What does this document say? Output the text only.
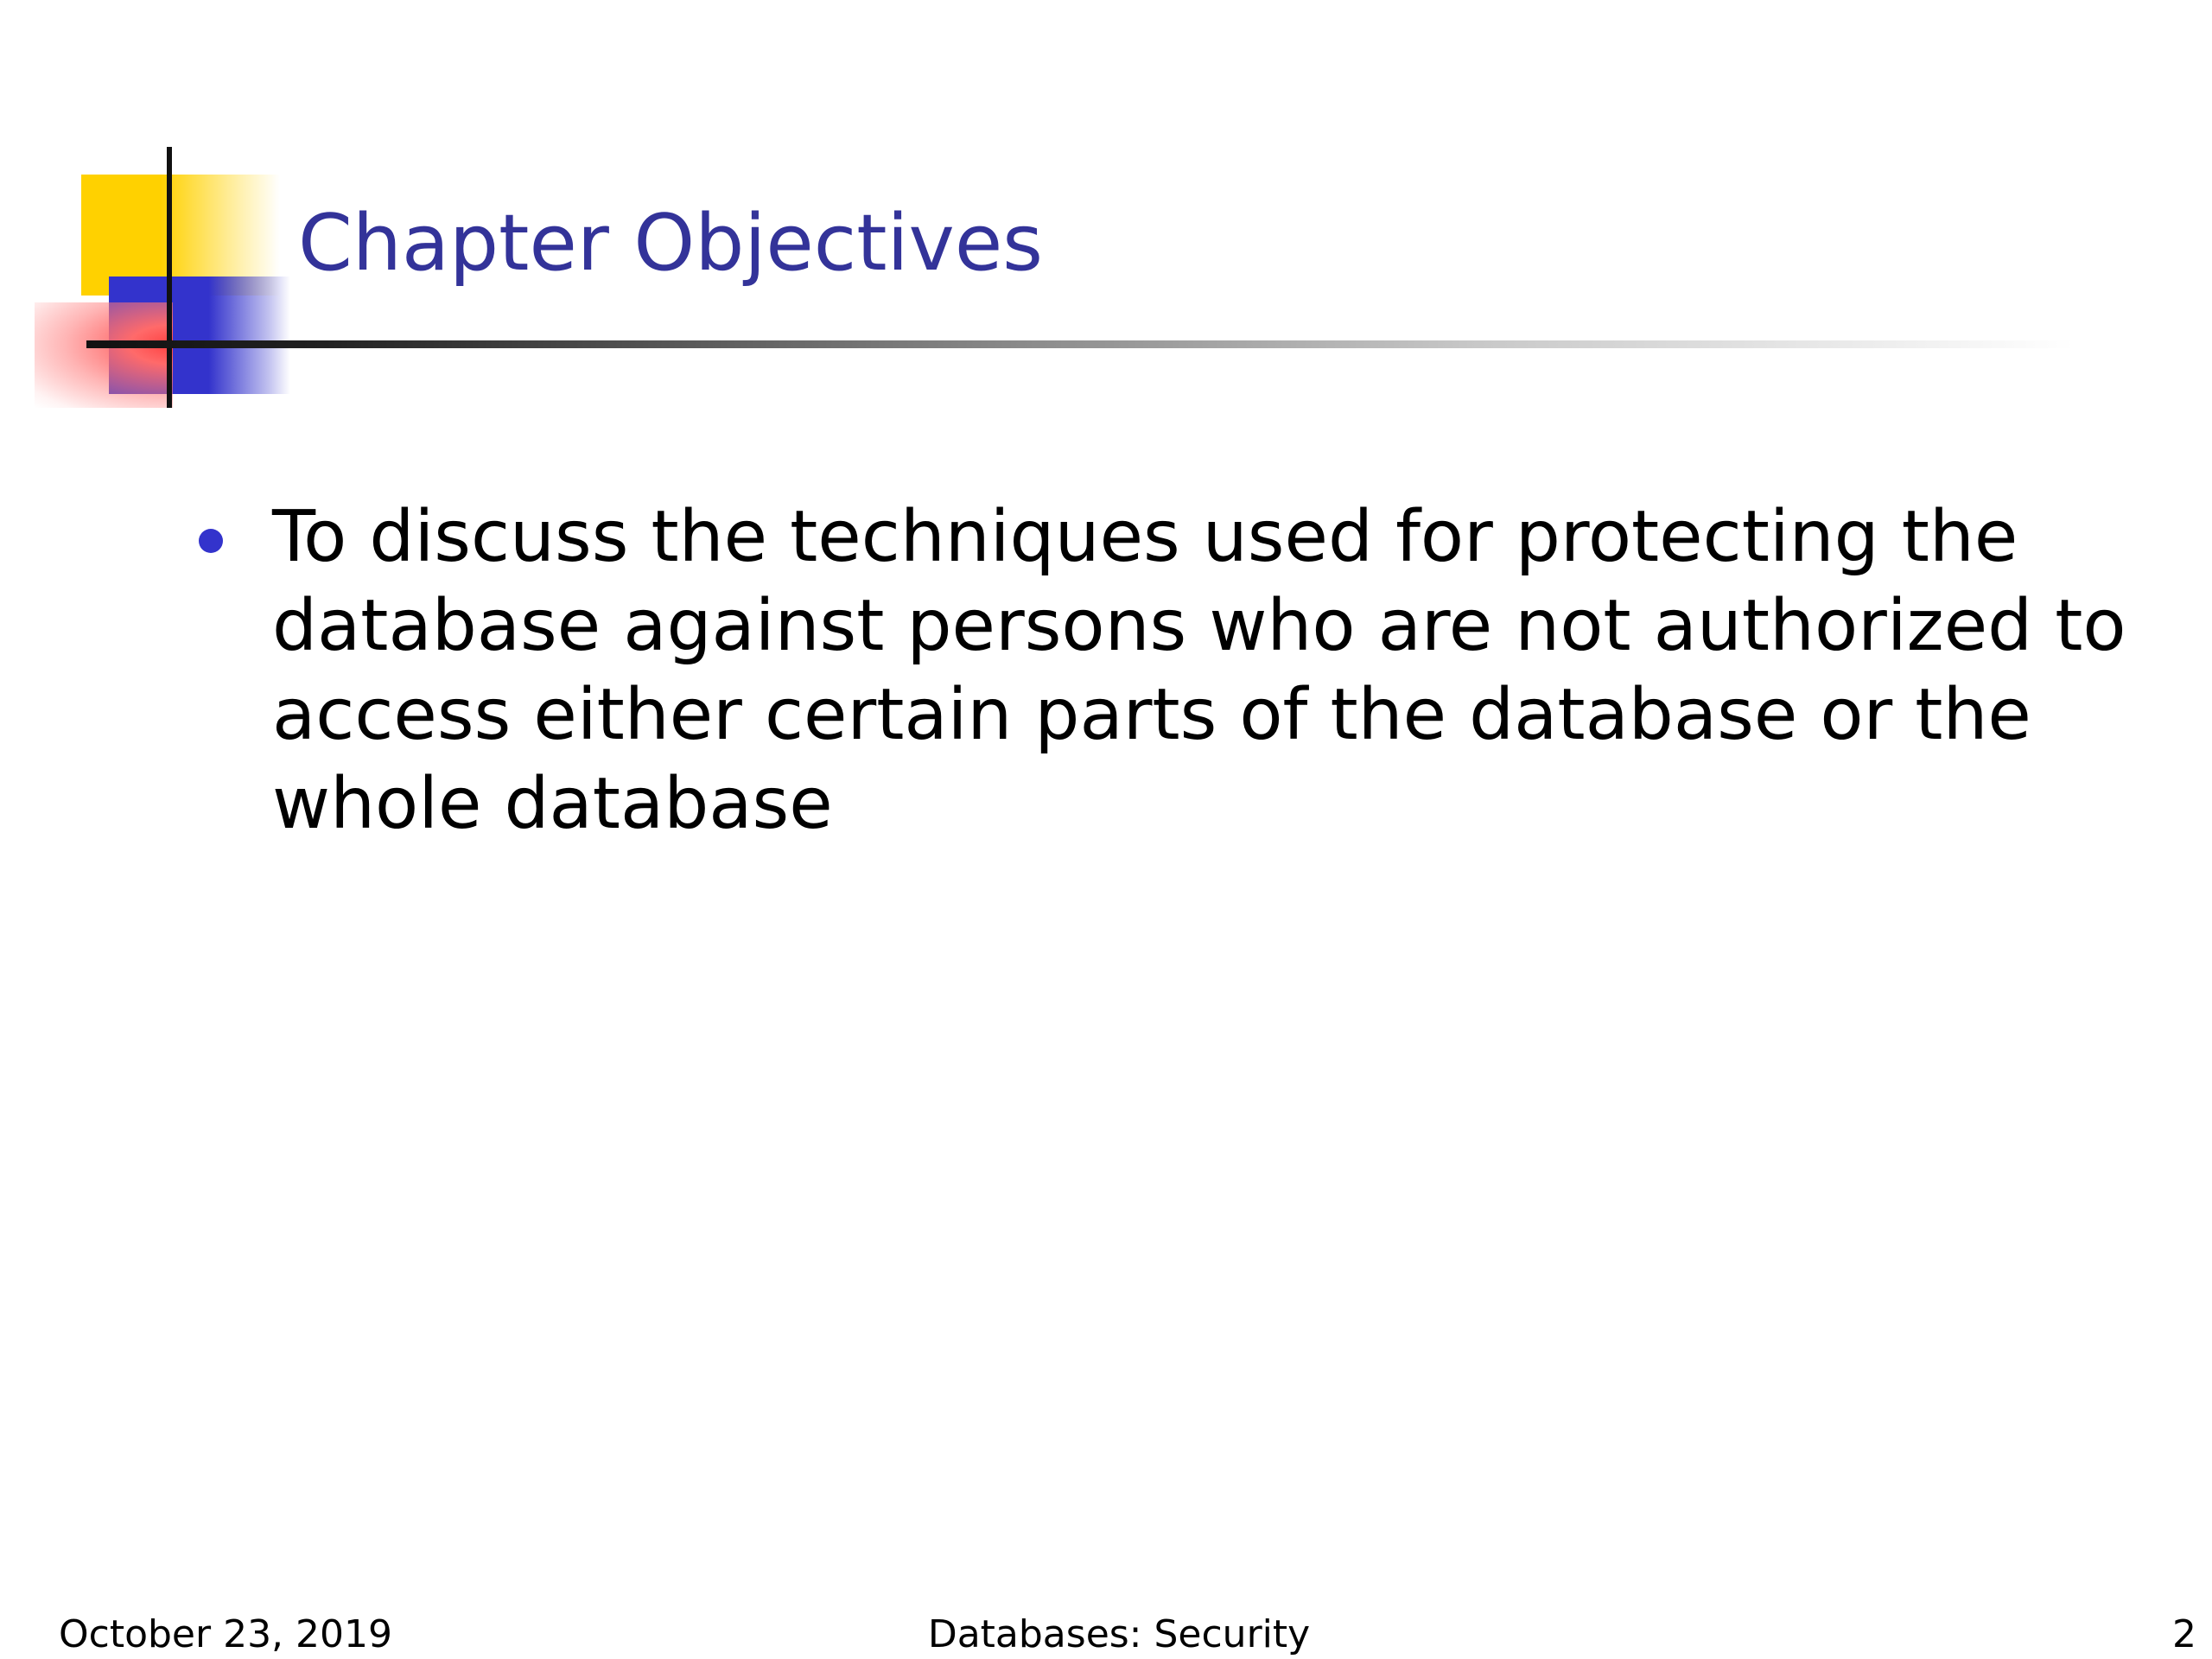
Chapter Objectives
To discuss the techniques used for protecting the database against persons who are not authorized to access either certain parts of the database or the whole database
October 23, 2019	Databases: Security	2
